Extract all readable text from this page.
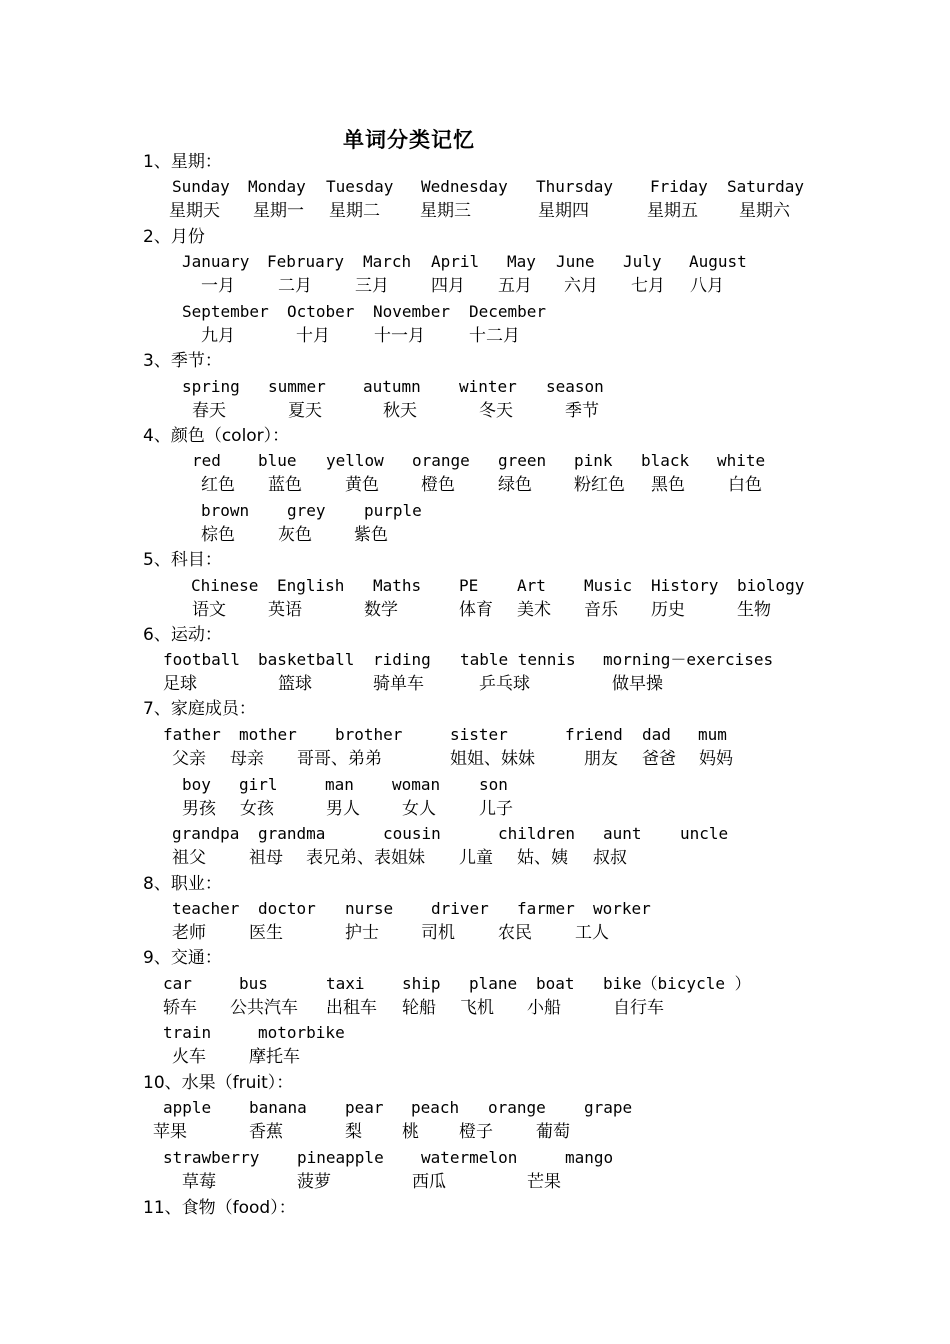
单词分类记忆
1、星期：
Sunday Monday Tuesday Wednesday Thursday Friday Saturday
星期天 星期一 星期二 星期三	星期四	星期五 星期六
2、月份
January February March April May June July August
一月	二月	三月 四月 五月 六月 七月 八月
September October November December
九月	十月	十一月	十二月
3、季节：
spring summer autumn winter season
春天	夏天	秋天	冬天	季节
4、颜色（color）：
red blue yellow orange green pink black white
红色 蓝色	黄色 橙色	绿色 粉红色 黑色	白色
brown grey purple
棕色	灰色 紫色
5、科目：
Chinese English Maths PE Art Music History biology
语文 英语	数学	体育 美术 音乐 历史	生物
6、运动：
football basketball riding table tennis morning－exercises
足球	篮球	骑单车	乒乓球	做早操
7、家庭成员：
father mother brother	sister	friend dad mum
父亲 母亲 哥哥、弟弟	姐姐、妹妹	朋友 爸爸 妈妈
boy girl	man woman son
男孩 女孩	男人 女人	儿子
grandpa grandma	cousin	children aunt uncle
祖父	祖母 表兄弟、表姐妹 儿童 姑、姨 叔叔
8、职业：
teacher doctor nurse driver farmer worker
老师	医生	护士 司机	农民	工人
9、交通：
car	bus	taxi ship plane boat bike（bicycle ）
轿车 公共汽车 出租车 轮船 飞机 小船	自行车
train	motorbike
火车	摩托车
10、水果（fruit）：
apple banana pear peach orange grape
苹果	香蕉	梨 桃 橙子	葡萄
strawberry pineapple watermelon	mango
草莓	菠萝	西瓜	芒果
11、食物（food）：
